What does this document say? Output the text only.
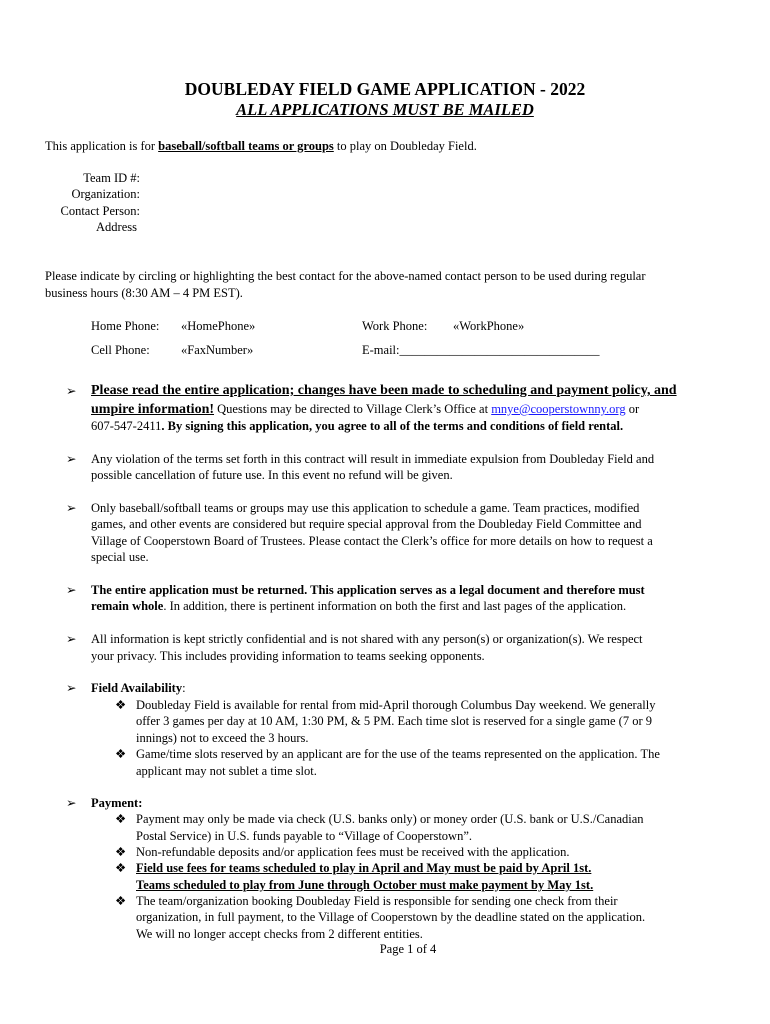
DOUBLEDAY FIELD GAME APPLICATION - 2022
ALL APPLICATIONS MUST BE MAILED
This application is for baseball/softball teams or groups to play on Doubleday Field.
Team ID #:
Organization:
Contact Person:
Address
Please indicate by circling or highlighting the best contact for the above-named contact person to be used during regular
business hours (8:30 AM – 4 PM EST).
Home Phone: «HomePhone»	Work Phone: «WorkPhone»
Cell Phone:	«FaxNumber»	E-mail:________________________________
➢ Please read the entire application; changes have been made to scheduling and payment policy, and
umpire information! Questions may be directed to Village Clerk’s Office at mnye@cooperstownny.org or
607-547-2411. By signing this application, you agree to all of the terms and conditions of field rental.
➢ Any violation of the terms set forth in this contract will result in immediate expulsion from Doubleday Field and
possible cancellation of future use. In this event no refund will be given.
➢ Only baseball/softball teams or groups may use this application to schedule a game. Team practices, modified
games, and other events are considered but require special approval from the Doubleday Field Committee and
Village of Cooperstown Board of Trustees. Please contact the Clerk’s office for more details on how to request a
special use.
➢ The entire application must be returned. This application serves as a legal document and therefore must
remain whole. In addition, there is pertinent information on both the first and last pages of the application.
➢ All information is kept strictly confidential and is not shared with any person(s) or organization(s). We respect
your privacy. This includes providing information to teams seeking opponents.
➢ Field Availability:
❖ Doubleday Field is available for rental from mid-April thorough Columbus Day weekend. We generally
offer 3 games per day at 10 AM, 1:30 PM, & 5 PM. Each time slot is reserved for a single game (7 or 9
innings) not to exceed the 3 hours.
❖ Game/time slots reserved by an applicant are for the use of the teams represented on the application. The
applicant may not sublet a time slot.
➢ Payment:
❖ Payment may only be made via check (U.S. banks only) or money order (U.S. bank or U.S./Canadian
Postal Service) in U.S. funds payable to “Village of Cooperstown”.
❖ Non-refundable deposits and/or application fees must be received with the application.
❖ Field use fees for teams scheduled to play in April and May must be paid by April 1st.
Teams scheduled to play from June through October must make payment by May 1st.
❖ The team/organization booking Doubleday Field is responsible for sending one check from their
organization, in full payment, to the Village of Cooperstown by the deadline stated on the application.
We will no longer accept checks from 2 different entities.
Page 1 of 4
